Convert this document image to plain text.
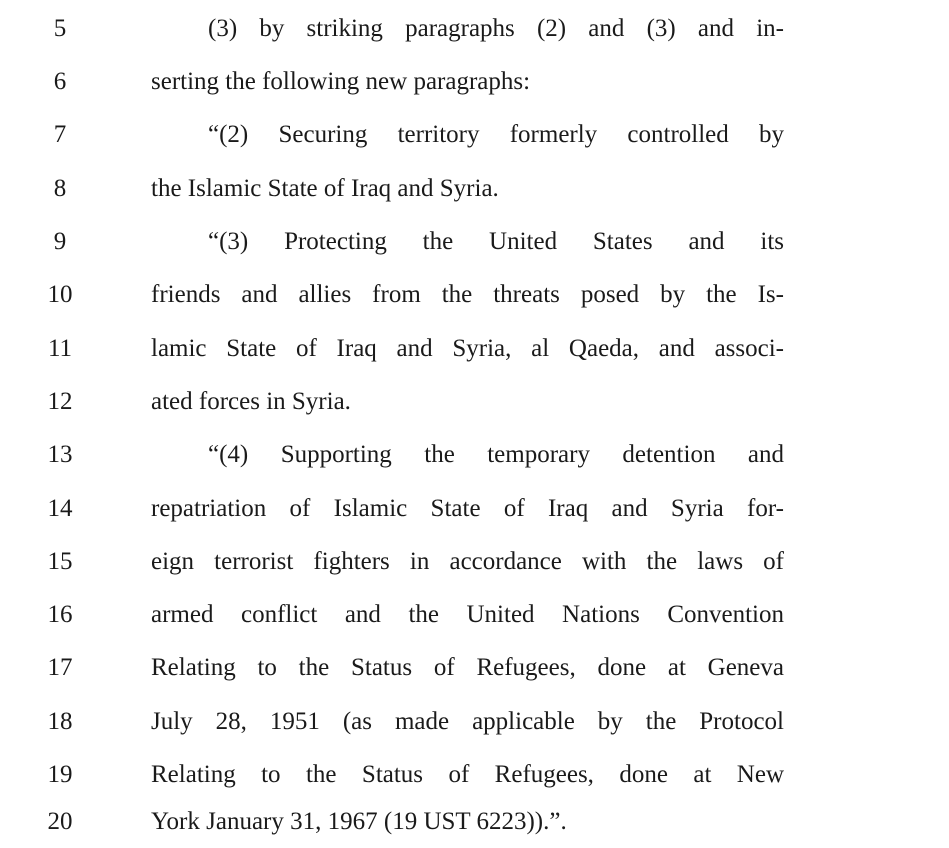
5	(3) by striking paragraphs (2) and (3) and in-
6	serting the following new paragraphs:
7	“(2) Securing territory formerly controlled by
8	the Islamic State of Iraq and Syria.
9	“(3) Protecting the United States and its
10	friends and allies from the threats posed by the Is-
11	lamic State of Iraq and Syria, al Qaeda, and associ-
12	ated forces in Syria.
13	“(4) Supporting the temporary detention and
14	repatriation of Islamic State of Iraq and Syria for-
15	eign terrorist fighters in accordance with the laws of
16	armed conflict and the United Nations Convention
17	Relating to the Status of Refugees, done at Geneva
18	July 28, 1951 (as made applicable by the Protocol
19	Relating to the Status of Refugees, done at New
20	York January 31, 1967 (19 UST 6223)).”.
